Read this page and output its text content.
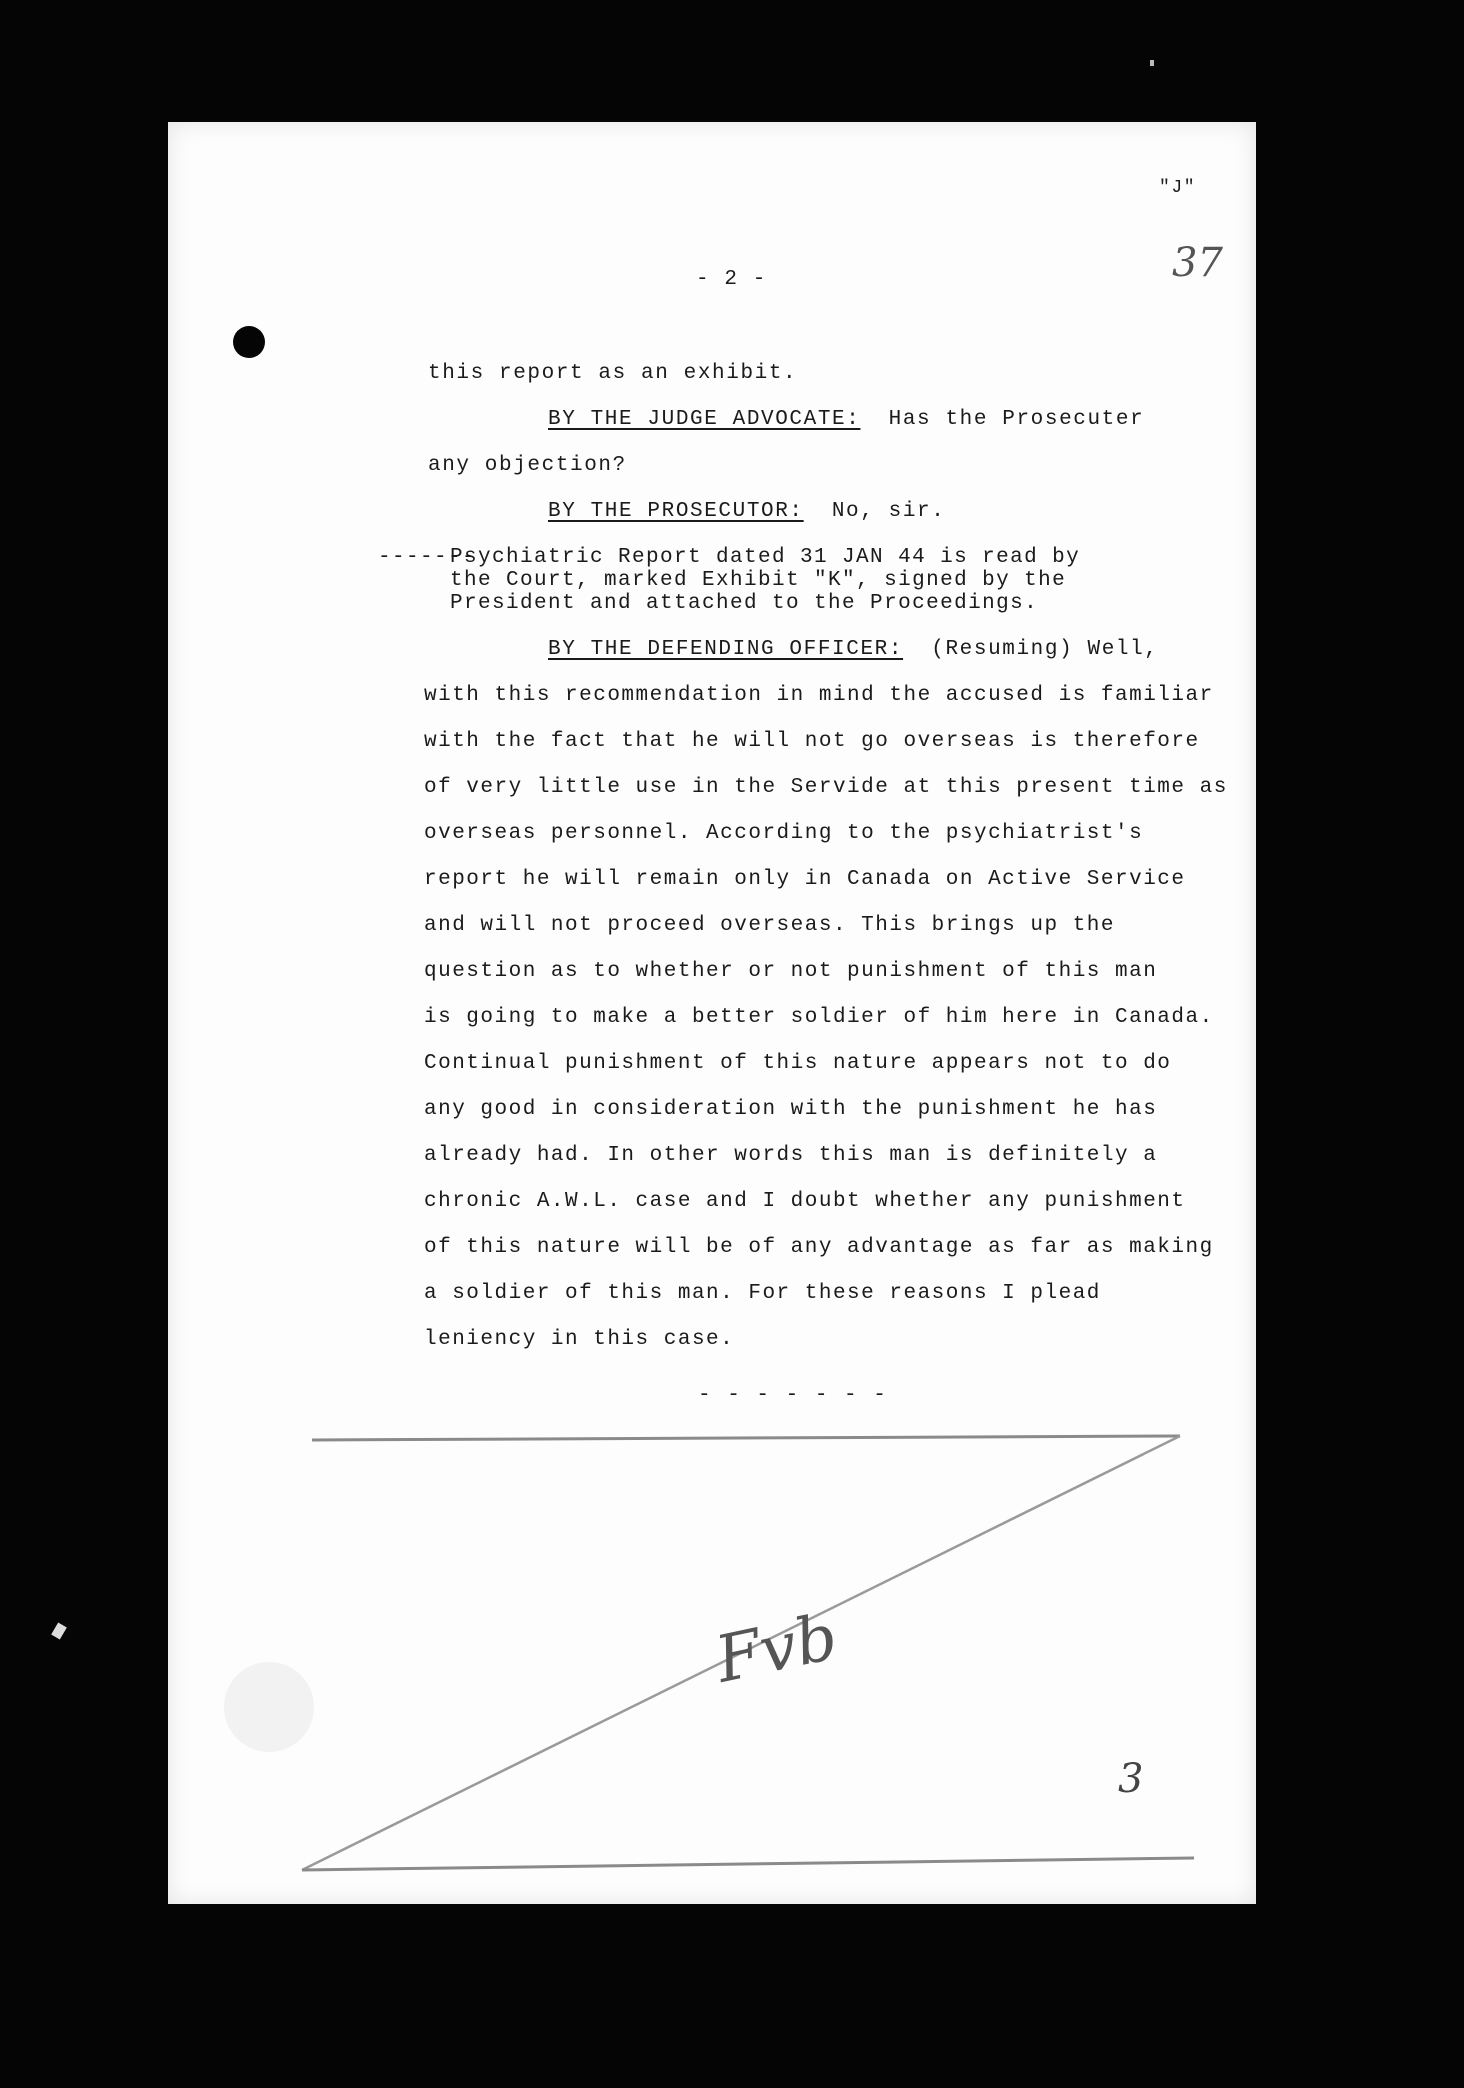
"J"
37
- 2 -
this report as an exhibit.
BY THE JUDGE ADVOCATE: Has the Prosecuter
any objection?
BY THE PROSECUTOR: No, sir.
-------
Psychiatric Report dated 31 JAN 44 is read by
the Court, marked Exhibit "K", signed by the
President and attached to the Proceedings.
BY THE DEFENDING OFFICER: (Resuming) Well,
with this recommendation in mind the accused is familiar
with the fact that he will not go overseas is therefore
of very little use in the Servide at this present time as
overseas personnel. According to the psychiatrist's
report he will remain only in Canada on Active Service
and will not proceed overseas. This brings up the
question as to whether or not punishment of this man
is going to make a better soldier of him here in Canada.
Continual punishment of this nature appears not to do
any good in consideration with the punishment he has
already had. In other words this man is definitely a
chronic A.W.L. case and I doubt whether any punishment
of this nature will be of any advantage as far as making
a soldier of this man. For these reasons I plead
leniency in this case.
- - - - - - -
Fvb
3
